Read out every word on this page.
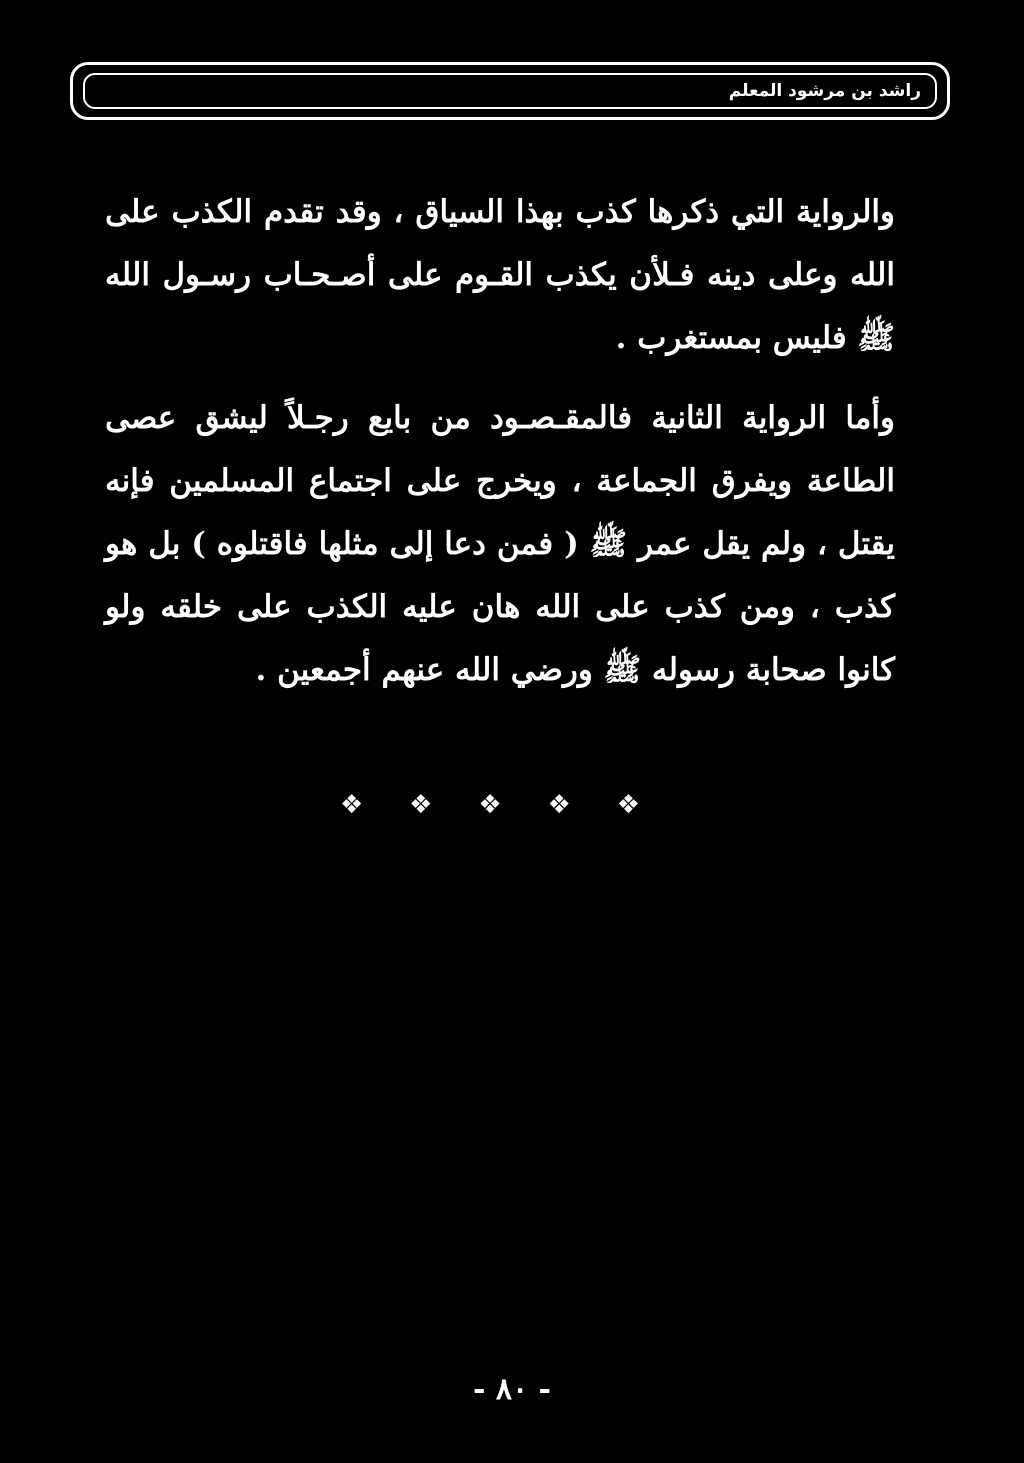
راشد بن مرشود المعلم

والرواية التي ذكرها كذب بهذا السياق ، وقد تقدم الكذب على الله وعلى دينه فـلأن يكذب القـوم على أصـحـاب رسـول الله ﷺ فليس بمستغرب .

وأما الرواية الثانية فالمقـصـود من بايع رجـلاً ليشق عصى الطاعة ويفرق الجماعة ، ويخرج على اجتماع المسلمين فإنه يقتل ، ولم يقل عمر ﷺ ( فمن دعا إلى مثلها فاقتلوه ) بل هو كذب ، ومن كذب على الله هان عليه الكذب على خلقه ولو كانوا صحابة رسوله ﷺ ورضي الله عنهم أجمعين .

❖ ❖ ❖ ❖ ❖
- ٨٠ -
